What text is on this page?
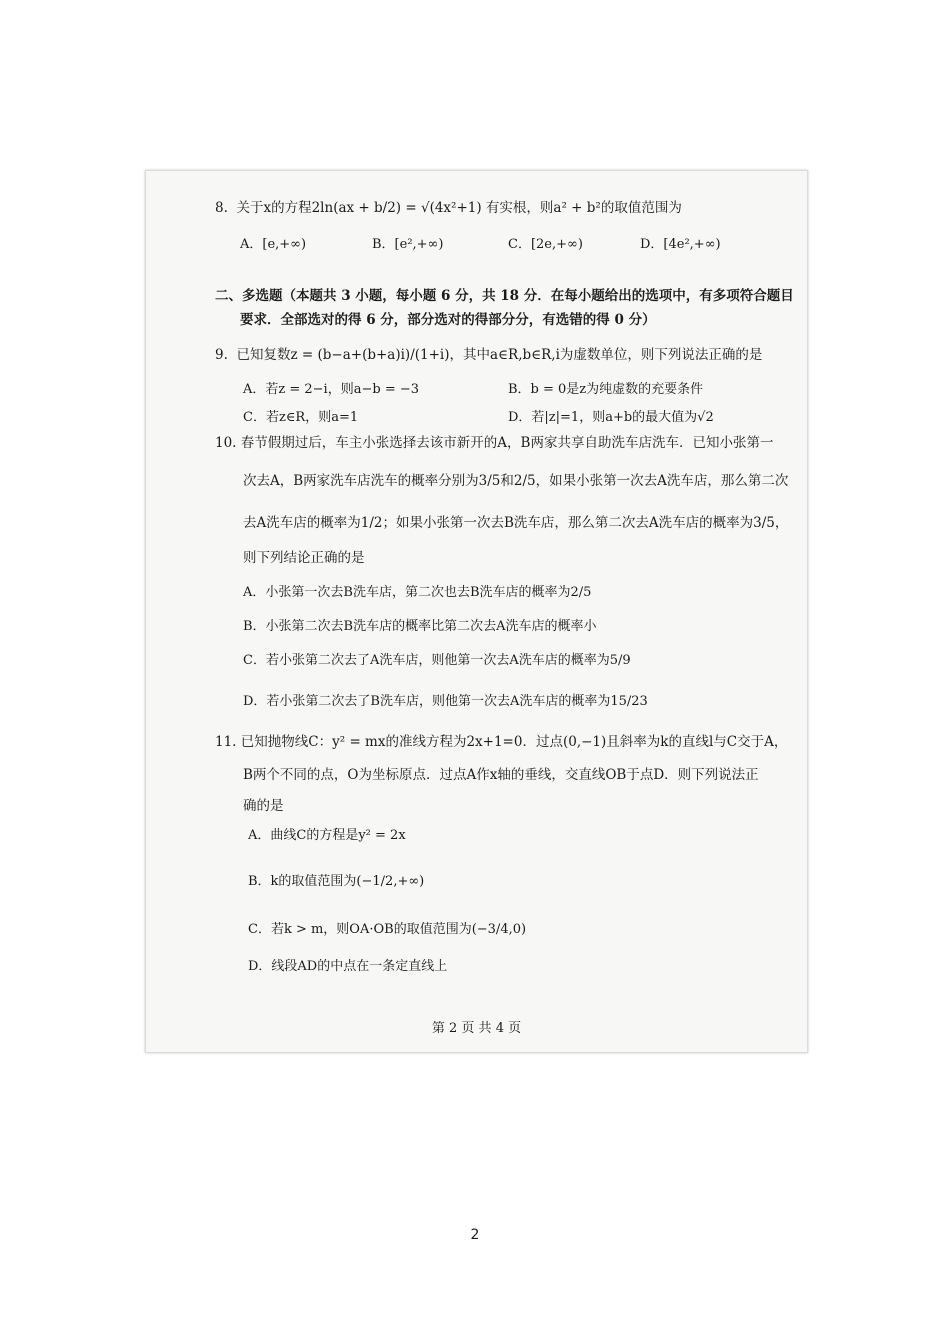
8. 关于x的方程2ln(ax + b/2) = √(4x²+1) 有实根，则a² + b²的取值范围为
A．[e,+∞)	B．[e²,+∞)	C．[2e,+∞)	D．[4e²,+∞)
二、多选题（本题共 3 小题，每小题 6 分，共 18 分．在每小题给出的选项中，有多项符合题目
要求．全部选对的得 6 分，部分选对的得部分分，有选错的得 0 分）
9. 已知复数z = (b−a+(b+a)i)/(1+i)，其中a∈R,b∈R,i为虚数单位，则下列说法正确的是
A．若z = 2−i，则a−b = −3	B．b = 0是z为纯虚数的充要条件
C．若z∈R，则a=1	D．若|z|=1，则a+b的最大值为√2
10. 春节假期过后，车主小张选择去该市新开的A，B两家共享自助洗车店洗车．已知小张第一
次去A，B两家洗车店洗车的概率分别为3/5和2/5，如果小张第一次去A洗车店，那么第二次
去A洗车店的概率为1/2；如果小张第一次去B洗车店，那么第二次去A洗车店的概率为3/5，
则下列结论正确的是
A．小张第一次去B洗车店，第二次也去B洗车店的概率为2/5
B．小张第二次去B洗车店的概率比第二次去A洗车店的概率小
C．若小张第二次去了A洗车店，则他第一次去A洗车店的概率为5/9
D．若小张第二次去了B洗车店，则他第一次去A洗车店的概率为15/23
11. 已知抛物线C：y² = mx的准线方程为2x+1=0．过点(0,−1)且斜率为k的直线l与C交于A，
B两个不同的点，O为坐标原点．过点A作x轴的垂线，交直线OB于点D．则下列说法正
确的是
A．曲线C的方程是y² = 2x
B．k的取值范围为(−1/2,+∞)
C．若k > m，则OA·OB的取值范围为(−3/4,0)
D．线段AD的中点在一条定直线上
第 2 页 共 4 页
2
